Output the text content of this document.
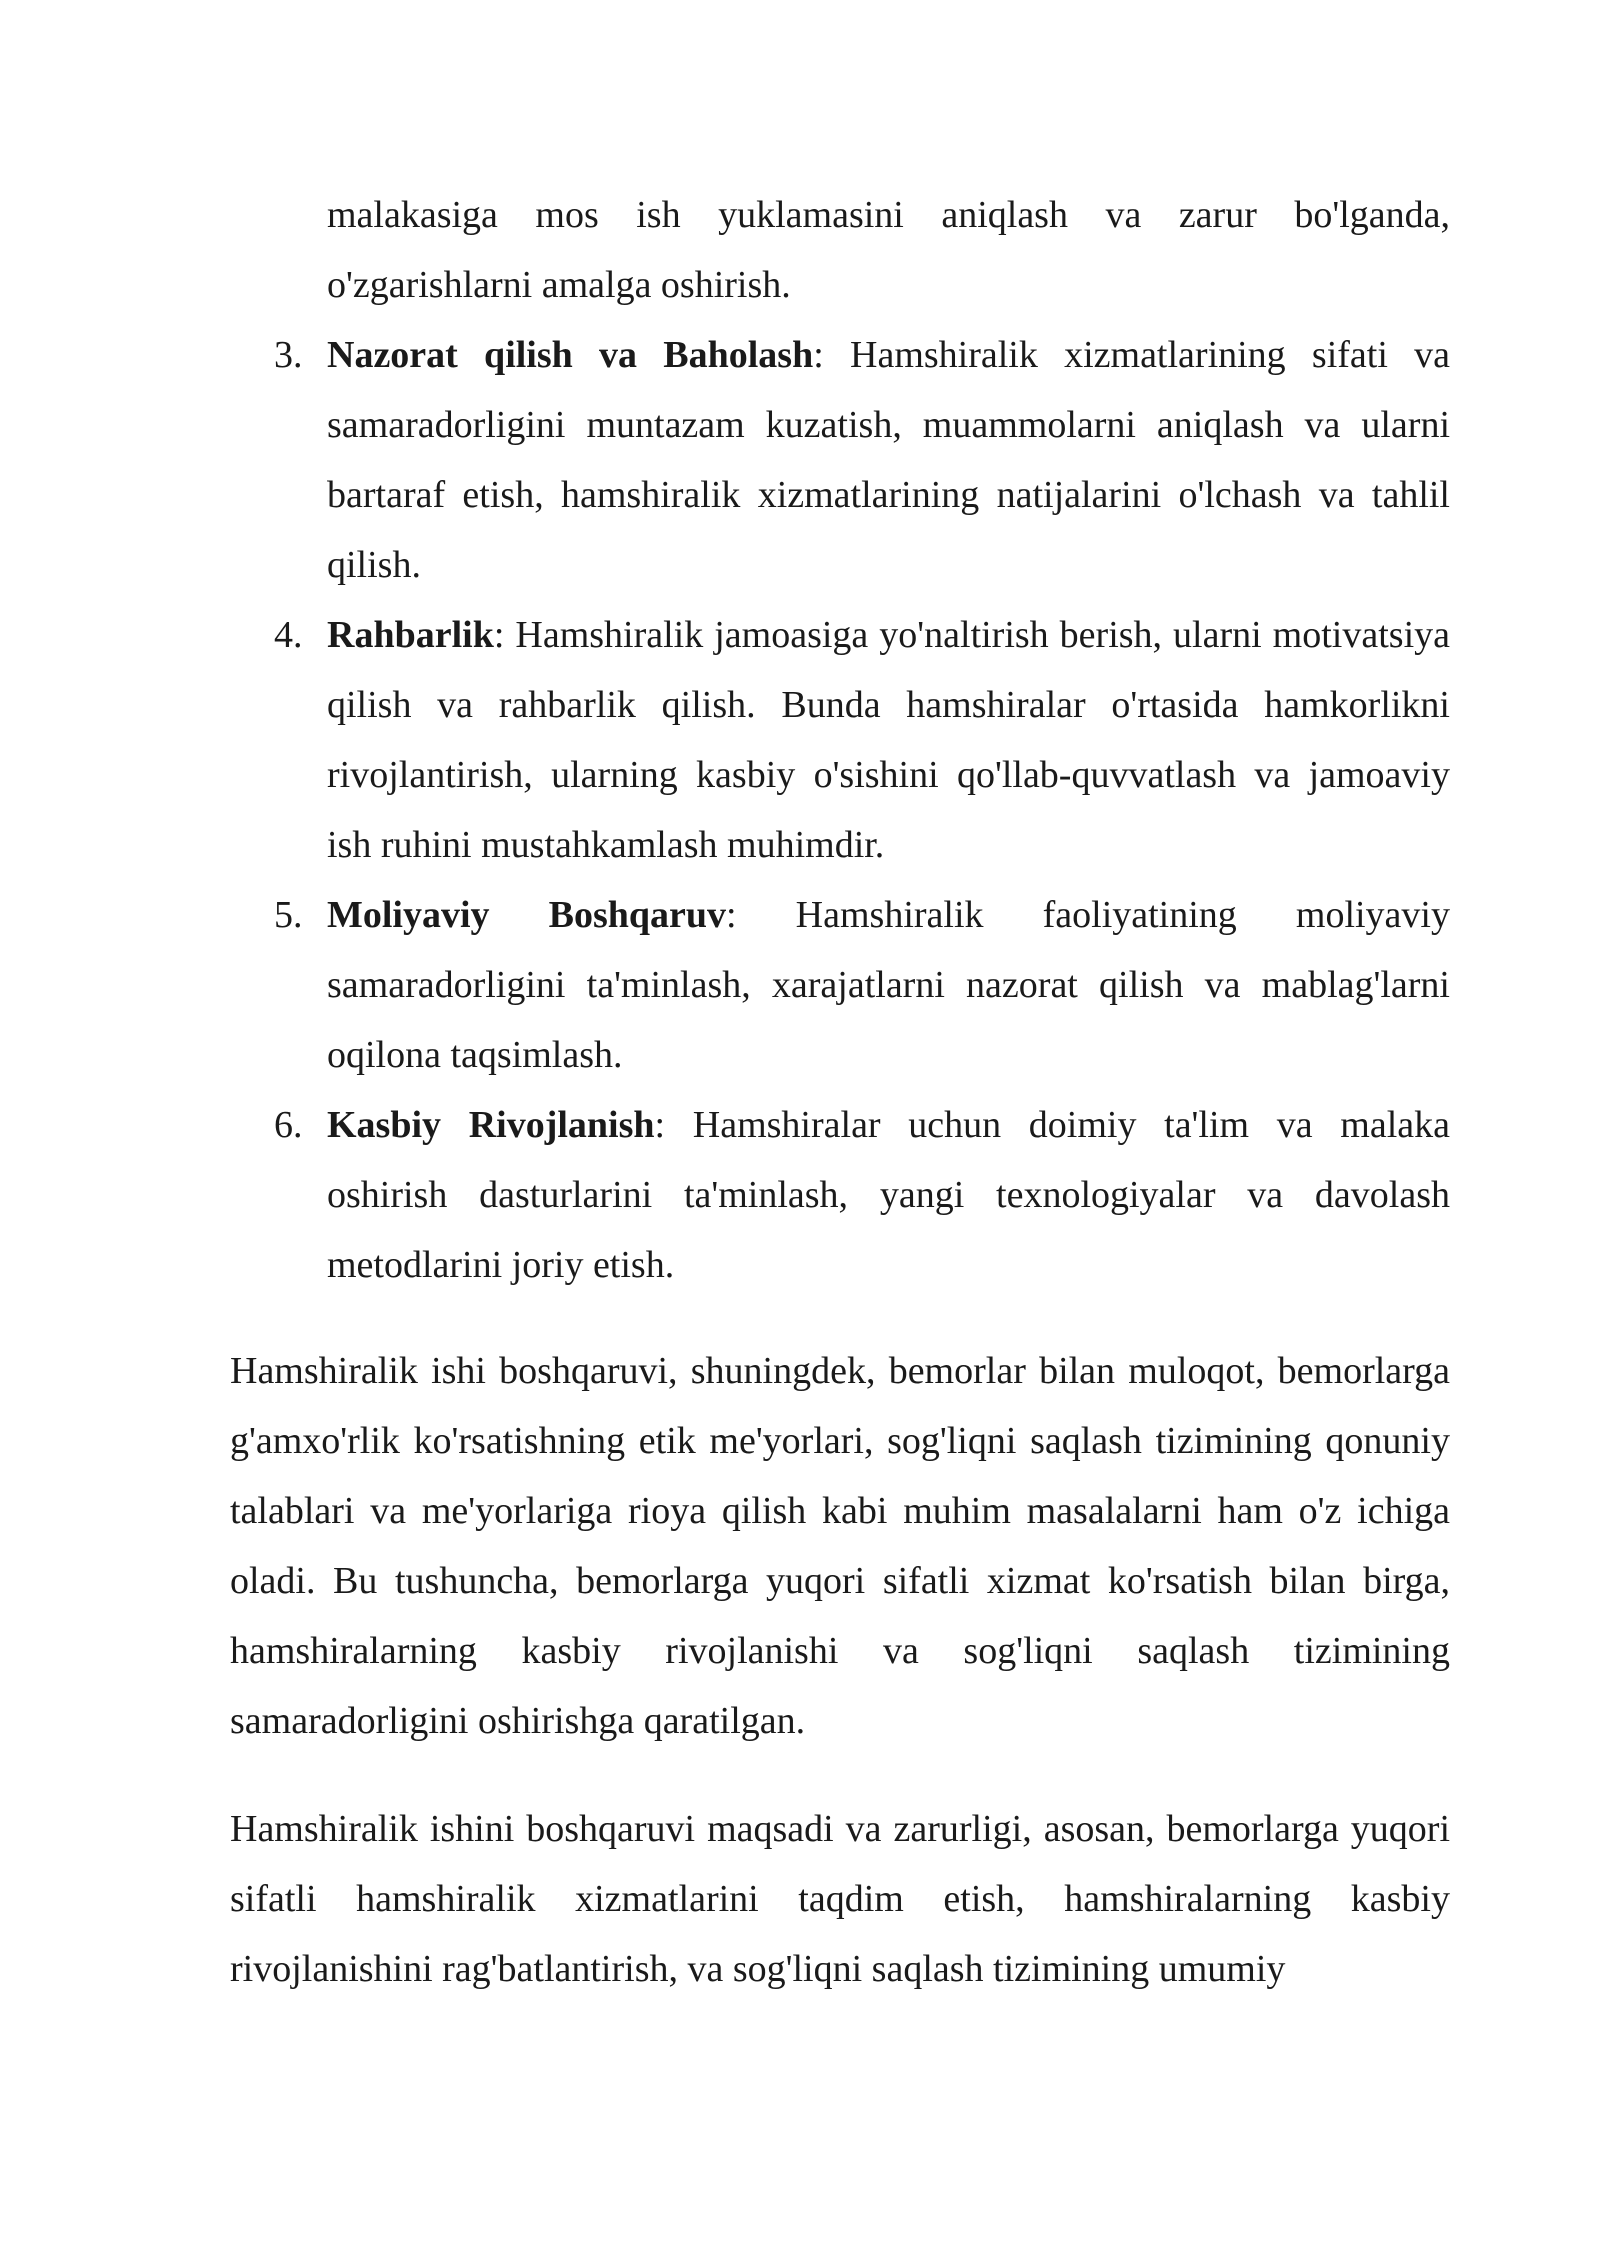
malakasiga mos ish yuklamasini aniqlash va zarur bo'lganda, o'zgarishlarni amalga oshirish.
3. Nazorat qilish va Baholash: Hamshiralik xizmatlarining sifati va samaradorligini muntazam kuzatish, muammolarni aniqlash va ularni bartaraf etish, hamshiralik xizmatlarining natijalarini o'lchash va tahlil qilish.
4. Rahbarlik: Hamshiralik jamoasiga yo'naltirish berish, ularni motivatsiya qilish va rahbarlik qilish. Bunda hamshiralar o'rtasida hamkorlikni rivojlantirish, ularning kasbiy o'sishini qo'llab-quvvatlash va jamoaviy ish ruhini mustahkamlash muhimdir.
5. Moliyaviy Boshqaruv: Hamshiralik faoliyatining moliyaviy samaradorligini ta'minlash, xarajatlarni nazorat qilish va mablag'larni oqilona taqsimlash.
6. Kasbiy Rivojlanish: Hamshiralar uchun doimiy ta'lim va malaka oshirish dasturlarini ta'minlash, yangi texnologiyalar va davolash metodlarini joriy etish.

Hamshiralik ishi boshqaruvi, shuningdek, bemorlar bilan muloqot, bemorlarga g'amxo'rlik ko'rsatishning etik me'yorlari, sog'liqni saqlash tizimining qonuniy talablari va me'yorlariga rioya qilish kabi muhim masalalarni ham o'z ichiga oladi. Bu tushuncha, bemorlarga yuqori sifatli xizmat ko'rsatish bilan birga, hamshiralarning kasbiy rivojlanishi va sog'liqni saqlash tizimining samaradorligini oshirishga qaratilgan.

Hamshiralik ishini boshqaruvi maqsadi va zarurligi, asosan, bemorlarga yuqori sifatli hamshiralik xizmatlarini taqdim etish, hamshiralarning kasbiy rivojlanishini rag'batlantirish, va sog'liqni saqlash tizimining umumiy
